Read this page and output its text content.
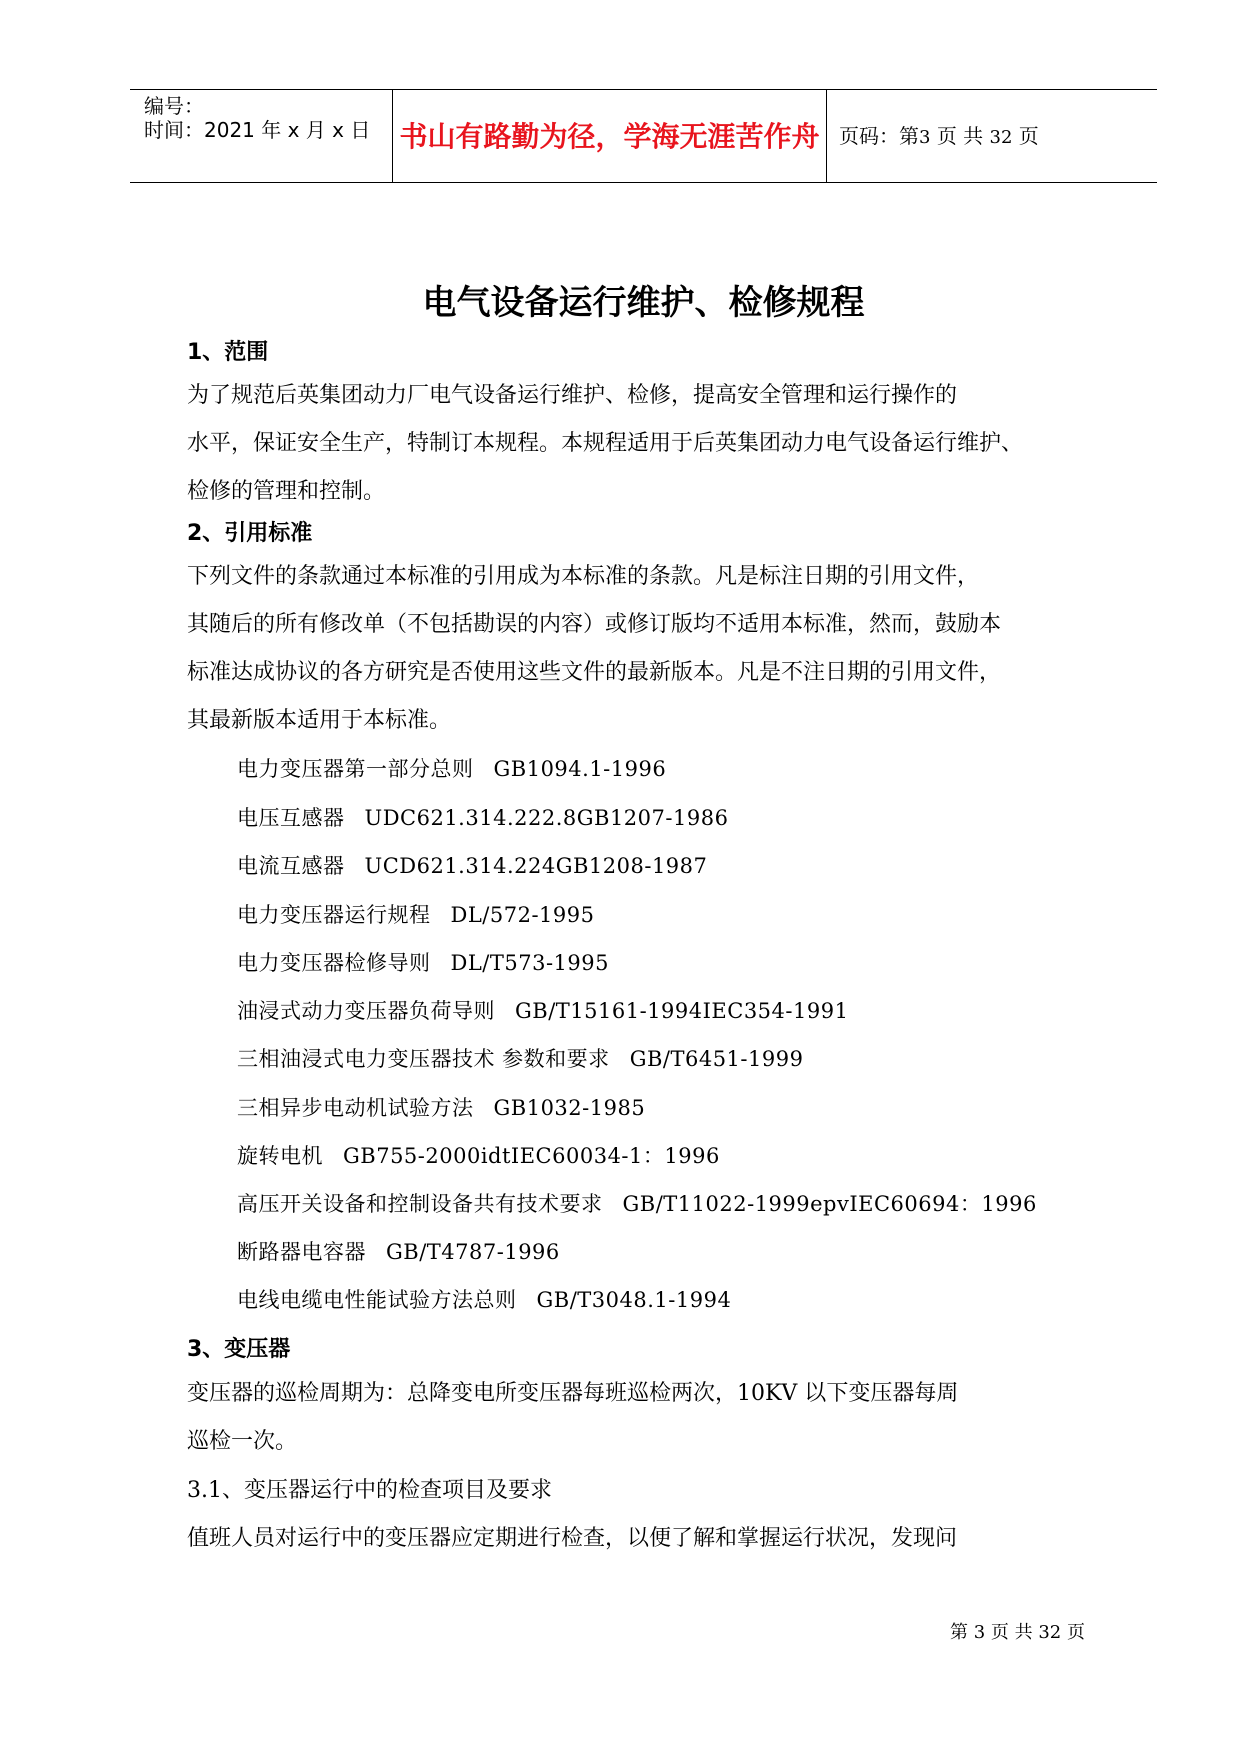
编号：
时间：2021 年 x 月 x 日 书山有路勤为径，学海无涯苦作舟 页码：第3 页 共 32 页
电气设备运行维护、检修规程
1、范围
为了规范后英集团动力厂电气设备运行维护、检修，提高安全管理和运行操作的
水平，保证安全生产，特制订本规程。本规程适用于后英集团动力电气设备运行维护、
检修的管理和控制。
2、引用标准
下列文件的条款通过本标准的引用成为本标准的条款。凡是标注日期的引用文件，
其随后的所有修改单（不包括勘误的内容）或修订版均不适用本标准，然而，鼓励本
标准达成协议的各方研究是否使用这些文件的最新版本。凡是不注日期的引用文件，
其最新版本适用于本标准。
电力变压器第一部分总则 GB1094.1-1996
电压互感器 UDC621.314.222.8GB1207-1986
电流互感器 UCD621.314.224GB1208-1987
电力变压器运行规程 DL/572-1995
电力变压器检修导则 DL/T573-1995
油浸式动力变压器负荷导则 GB/T15161-1994IEC354-1991
三相油浸式电力变压器技术 参数和要求 GB/T6451-1999
三相异步电动机试验方法 GB1032-1985
旋转电机 GB755-2000idtIEC60034-1：1996
高压开关设备和控制设备共有技术要求 GB/T11022-1999epvIEC60694：1996
断路器电容器 GB/T4787-1996
电线电缆电性能试验方法总则 GB/T3048.1-1994
3、变压器
变压器的巡检周期为：总降变电所变压器每班巡检两次，10KV 以下变压器每周
巡检一次。
3.1、变压器运行中的检查项目及要求
值班人员对运行中的变压器应定期进行检查，以便了解和掌握运行状况，发现问
第 3 页 共 32 页
